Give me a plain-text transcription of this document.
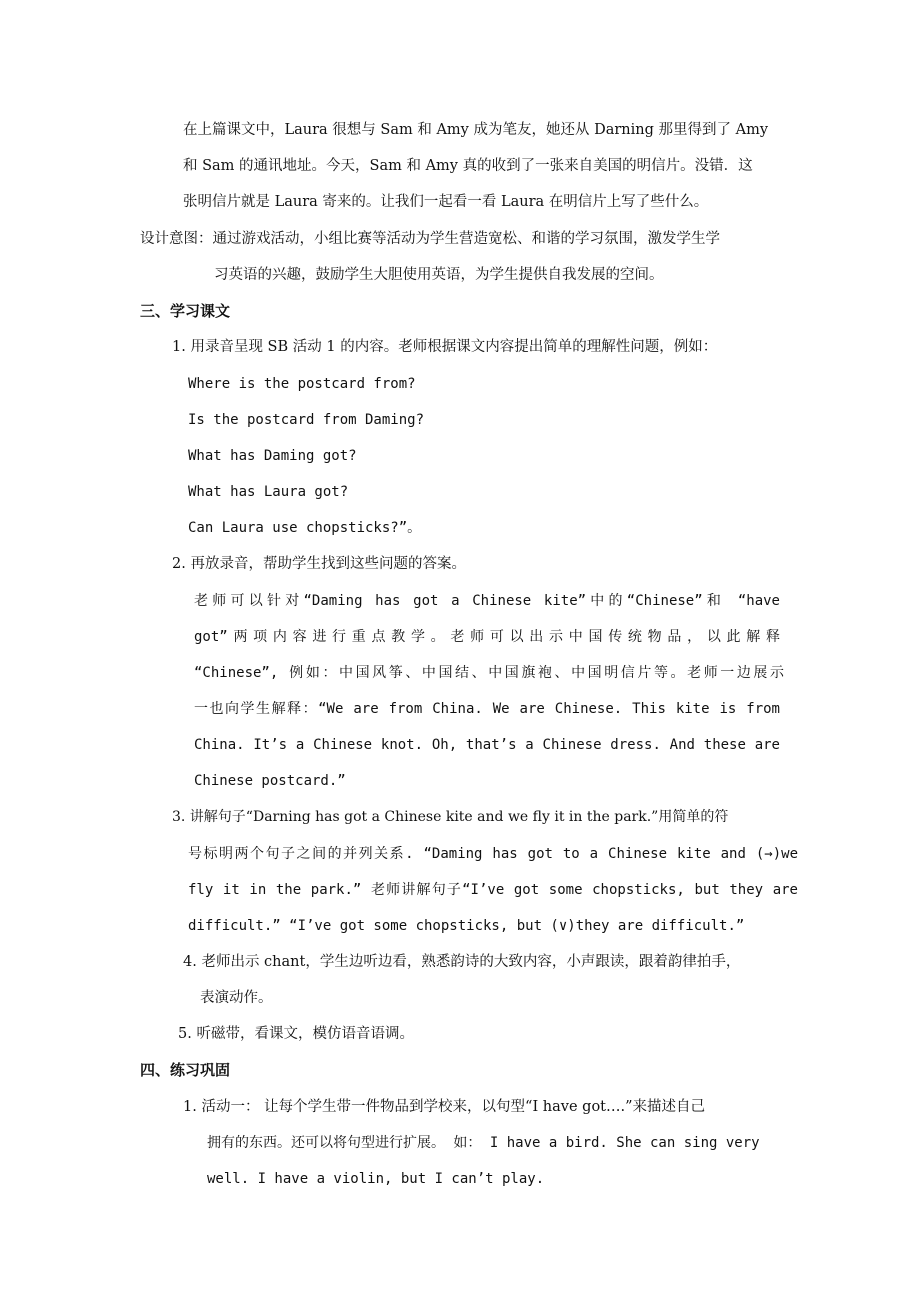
在上篇课文中，Laura 很想与 Sam 和 Amy 成为笔友，她还从 Darning 那里得到了 Amy
和 Sam 的通讯地址。今天，Sam 和 Amy 真的收到了一张来自美国的明信片。没错．这
张明信片就是 Laura 寄来的。让我们一起看一看 Laura 在明信片上写了些什么。
设计意图：通过游戏活动，小组比赛等活动为学生营造宽松、和谐的学习氛围，激发学生学
习英语的兴趣，鼓励学生大胆使用英语，为学生提供自我发展的空间。
三、学习课文
1. 用录音呈现 SB 活动 1 的内容。老师根据课文内容提出简单的理解性问题，例如：
Where is the postcard from?
Is the postcard from Daming?
What has Daming got?
What has Laura got?
Can Laura use chopsticks?”。
2. 再放录音，帮助学生找到这些问题的答案。
老师可以针对“Daming has got a Chinese kite”中的“Chinese”和 “have
got”两项内容进行重点教学。老师可以出示中国传统物品，以此解释
“Chinese”, 例如：中国风筝、中国结、中国旗袍、中国明信片等。老师一边展示
一也向学生解释：“We are from China. We are Chinese. This kite is from
China. It’s a Chinese knot. Oh, that’s a Chinese dress. And these are
Chinese postcard.”
3. 讲解句子“Darning has got a Chinese kite and we fly it in the park.”用简单的符
号标明两个句子之间的并列关系. “Daming has got to a Chinese kite and (→)we
fly it in the park.” 老师讲解句子“I’ve got some chopsticks, but they are
difficult.” “I’ve got some chopsticks, but (∨)they are difficult.”
4. 老师出示 chant，学生边听边看，熟悉韵诗的大致内容，小声跟读，跟着韵律拍手，
表演动作。
5. 听磁带，看课文，模仿语音语调。
四、练习巩固
1. 活动一： 让每个学生带一件物品到学校来，以句型“I have got….”来描述自己
拥有的东西。还可以将句型进行扩展。 如： I have a bird. She can sing very
well. I have a violin, but I can’t play.
